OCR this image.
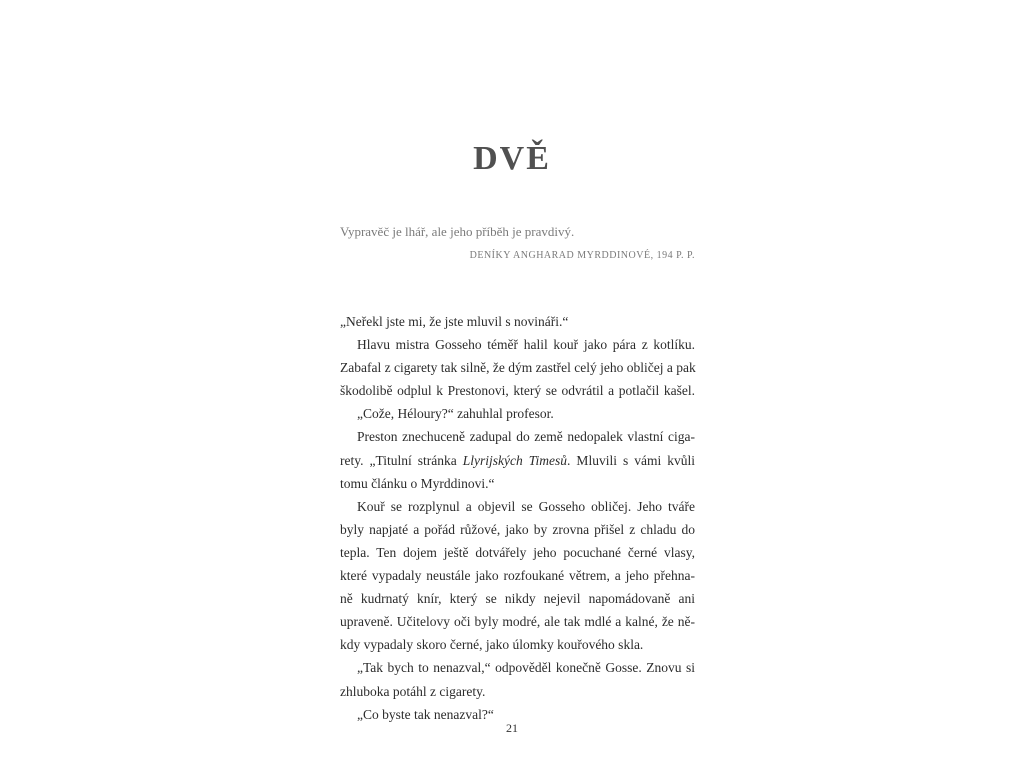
DVĚ

Vypravěč je lhář, ale jeho příběh je pravdivý.

DENÍKY ANGHARAD MYRDDINOVÉ, 194 P. P.

„Neřekl jste mi, že jste mluvil s novináři.“
Hlavu mistra Gosseho téměř halil kouř jako pára z kotlíku.
Zabafal z cigarety tak silně, že dým zastřel celý jeho obličej a pak
škodolibě odplul k Prestonovi, který se odvrátil a potlačil kašel.
„Cože, Héloury?“ zahuhlal profesor.
Preston znechuceně zadupal do země nedopalek vlastní ciga-
rety. „Titulní stránka Llyrijských Timesů. Mluvili s vámi kvůli
tomu článku o Myrddinovi.“
Kouř se rozplynul a objevil se Gosseho obličej. Jeho tváře
byly napjaté a pořád růžové, jako by zrovna přišel z chladu do
tepla. Ten dojem ještě dotvářely jeho pocuchané černé vlasy,
které vypadaly neustále jako rozfoukané větrem, a jeho přehna-
ně kudrnatý knír, který se nikdy nejevil napomádovaně ani
upraveně. Učitelovy oči byly modré, ale tak mdlé a kalné, že ně-
kdy vypadaly skoro černé, jako úlomky kouřového skla.
„Tak bych to nenazval,“ odpověděl konečně Gosse. Znovu si
zhluboka potáhl z cigarety.
„Co byste tak nenazval?“
21
